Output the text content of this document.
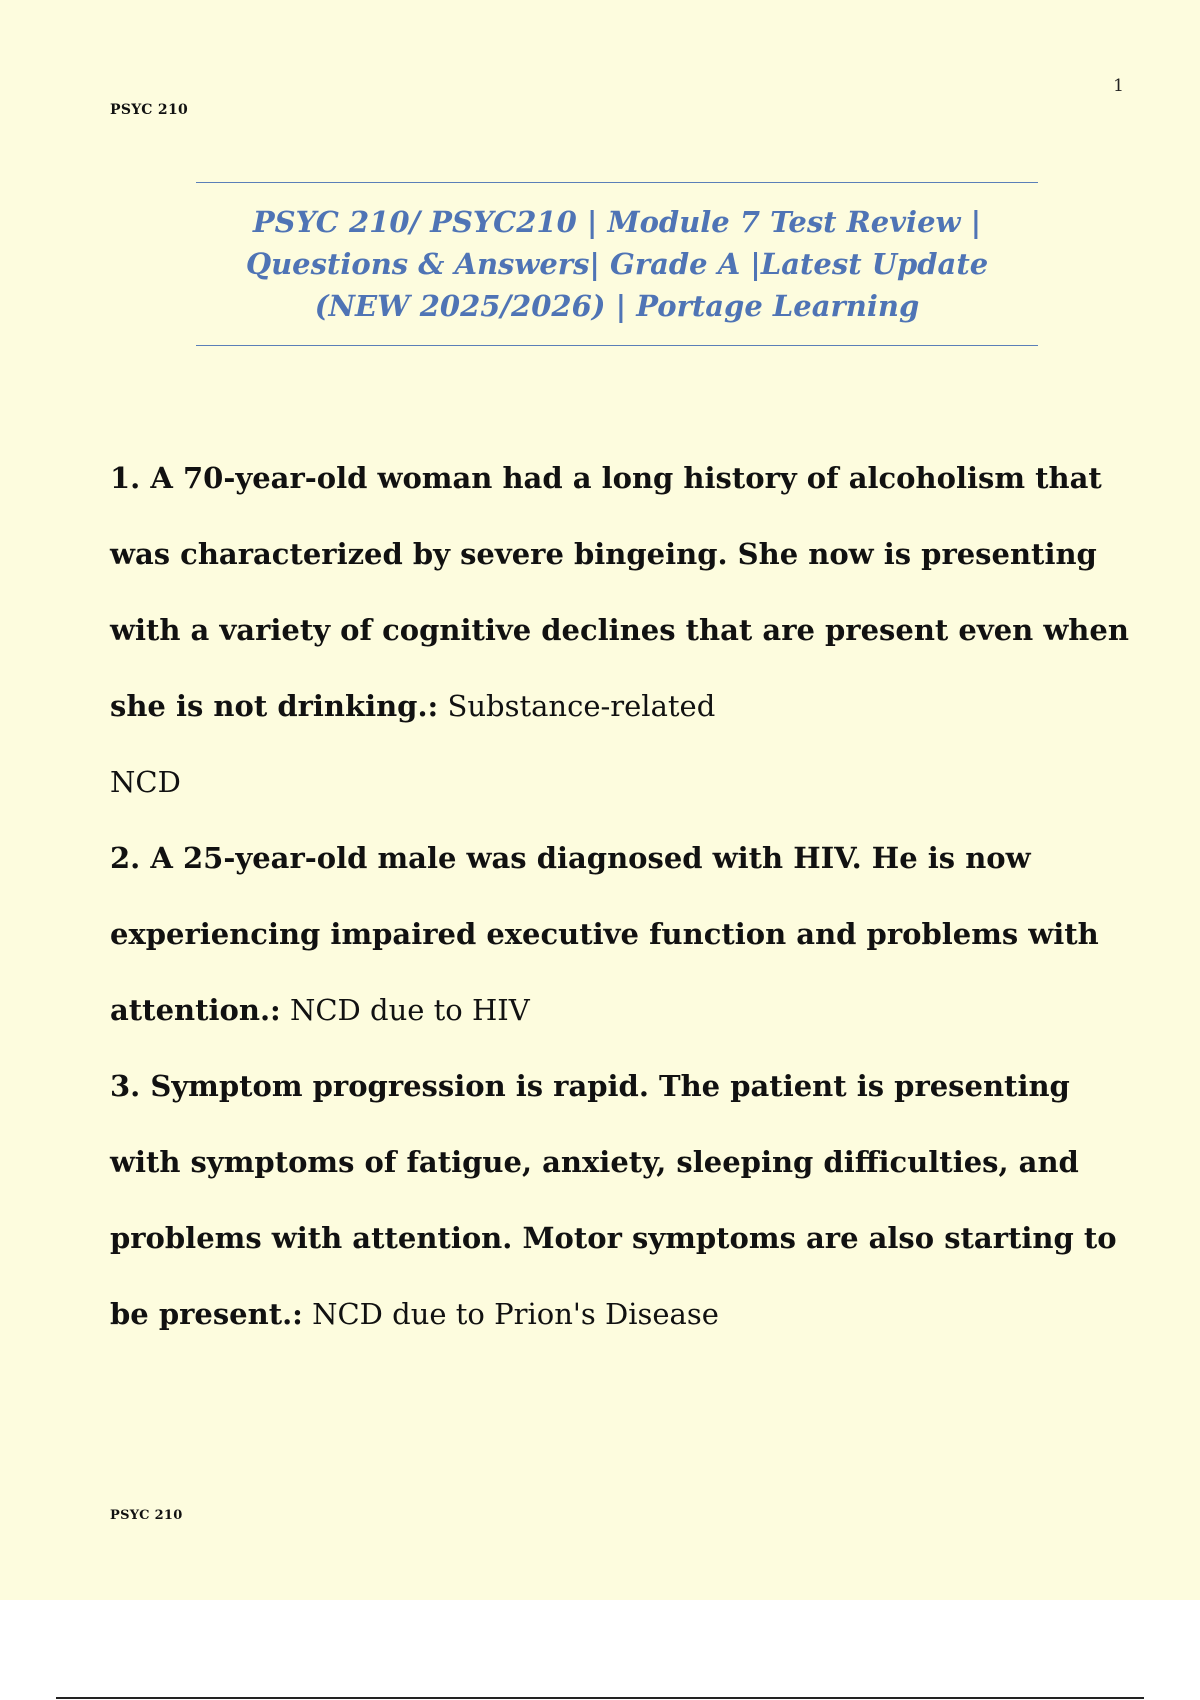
1
PSYC 210
PSYC 210/ PSYC210 | Module 7 Test Review | Questions & Answers| Grade A |Latest Update (NEW 2025/2026) | Portage Learning

1. A 70-year-old woman had a long history of alcoholism that was characterized by severe bingeing. She now is presenting with a variety of cognitive declines that are present even when she is not drinking.: Substance-related
NCD

2. A 25-year-old male was diagnosed with HIV. He is now experiencing impaired executive function and problems with attention.: NCD due to HIV

3. Symptom progression is rapid. The patient is presenting with symptoms of fatigue, anxiety, sleeping difficulties, and problems with attention. Motor symptoms are also starting to be present.: NCD due to Prion's Disease

PSYC 210
